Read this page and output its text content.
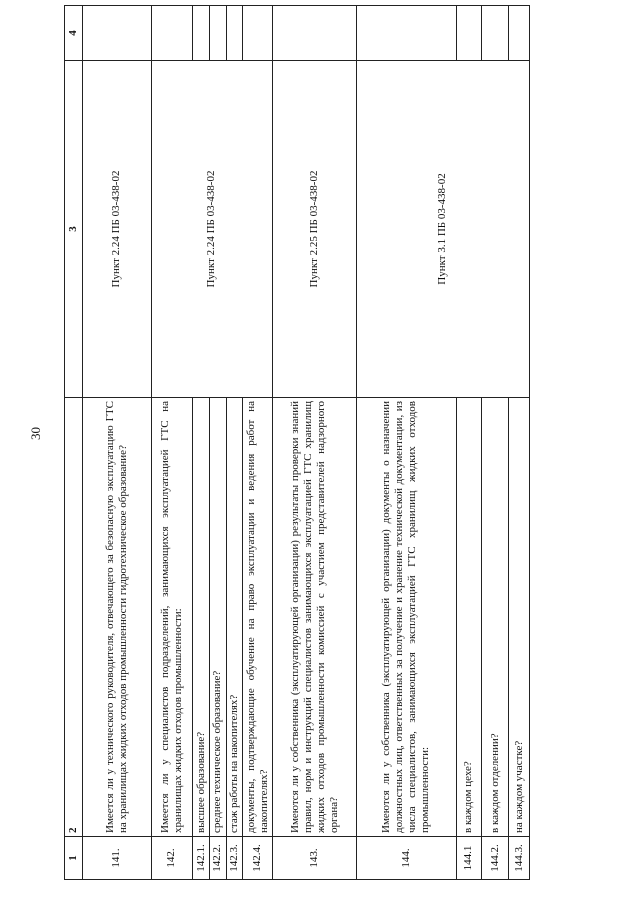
30
1	2	3	4
141.	Имеется ли у технического руководителя, отвечающего за безопасную эксплуатацию ГТС на хранилищах жидких отходов промышленности гидротехническое образование?	Пункт 2.24 ПБ 03-438-02	
142.	Имеется ли у специалистов подразделений, занимающихся эксплуатацией ГТС на хранилищах жидких отходов промышленности:	Пункт 2.24 ПБ 03-438-02	
142.1.	высшее образование?		
142.2.	среднее техническое образование?		
142.3.	стаж работы на накопителях?		
142.4.	документы, подтверждающие обучение на право эксплуатации и ведения работ на накопителях?		
143.	Имеются ли у собственника (эксплуатирующей организации) результаты проверки знаний правил, норм и инструкций специалистов занимающихся эксплуатацией ГТС хранилищ жидких отходов промышленности комиссией с участием представителей надзорного органа?	Пункт 2.25 ПБ 03-438-02	
144.	Имеются ли у собственника (эксплуатирующей организации) документы о назначении должностных лиц, ответственных за получение и хранение технической документации, из числа специалистов, занимающихся эксплуатацией ГТС хранилищ жидких отходов промышленности:	Пункт 3.1 ПБ 03-438-02	
144.1	в каждом цехе?		
144.2.	в каждом отделении?		
144.3.	на каждом участке?		
